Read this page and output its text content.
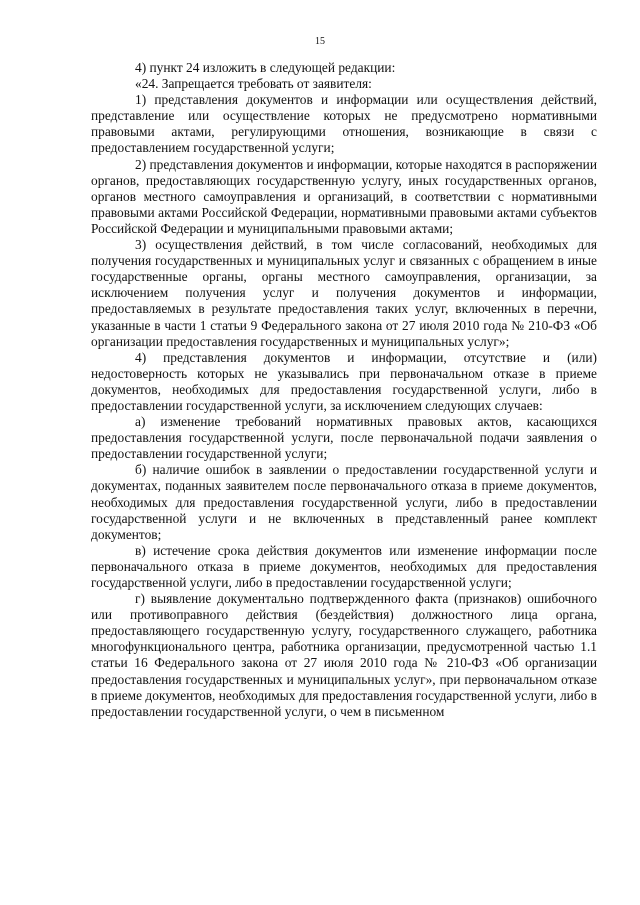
15

4) пункт 24 изложить в следующей редакции:

«24. Запрещается требовать от заявителя:

1) представления документов и информации или осуществления действий, представление или осуществление которых не предусмотрено нормативными правовыми актами, регулирующими отношения, возникающие в связи с предоставлением государственной услуги;

2) представления документов и информации, которые находятся в распоряжении органов, предоставляющих государственную услугу, иных государственных органов, органов местного самоуправления и организаций, в соответствии с нормативными правовыми актами Российской Федерации, нормативными правовыми актами субъектов Российской Федерации и муниципальными правовыми актами;

3) осуществления действий, в том числе согласований, необходимых для получения государственных и муниципальных услуг и связанных с обращением в иные государственные органы, органы местного самоуправления, организации, за исключением получения услуг и получения документов и информации, предоставляемых в результате предоставления таких услуг, включенных в перечни, указанные в части 1 статьи 9 Федерального закона от 27 июля 2010 года № 210-ФЗ «Об организации предоставления государственных и муниципальных услуг»;

4) представления документов и информации, отсутствие и (или) недостоверность которых не указывались при первоначальном отказе в приеме документов, необходимых для предоставления государственной услуги, либо в предоставлении государственной услуги, за исключением следующих случаев:

а) изменение требований нормативных правовых актов, касающихся предоставления государственной услуги, после первоначальной подачи заявления о предоставлении государственной услуги;

б) наличие ошибок в заявлении о предоставлении государственной услуги и документах, поданных заявителем после первоначального отказа в приеме документов, необходимых для предоставления государственной услуги, либо в предоставлении государственной услуги и не включенных в представленный ранее комплект документов;

в) истечение срока действия документов или изменение информации после первоначального отказа в приеме документов, необходимых для предоставления государственной услуги, либо в предоставлении государственной услуги;

г) выявление документально подтвержденного факта (признаков) ошибочного или противоправного действия (бездействия) должностного лица органа, предоставляющего государственную услугу, государственного служащего, работника многофункционального центра, работника организации, предусмотренной частью 1.1 статьи 16 Федерального закона от 27 июля 2010 года № 210-ФЗ «Об организации предоставления государственных и муниципальных услуг», при первоначальном отказе в приеме документов, необходимых для предоставления государственной услуги, либо в предоставлении государственной услуги, о чем в письменном
